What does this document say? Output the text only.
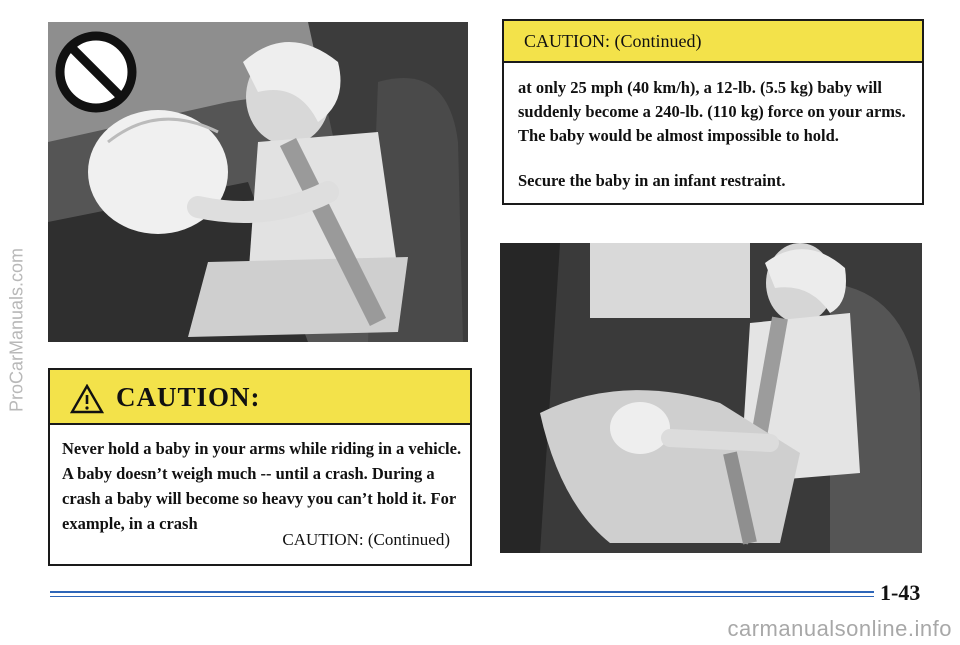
CAUTION:

Never hold a baby in your arms while riding in a vehicle. A baby doesn’t weigh much -- until a crash. During a crash a baby will become so heavy you can’t hold it. For example, in a crash

CAUTION: (Continued)
CAUTION: (Continued)

at only 25 mph (40 km/h), a 12-lb. (5.5 kg) baby will suddenly become a 240-lb. (110 kg) force on your arms. The baby would be almost impossible to hold.

Secure the baby in an infant restraint.
1-43
ProCarManuals.com
carmanualsonline.info
